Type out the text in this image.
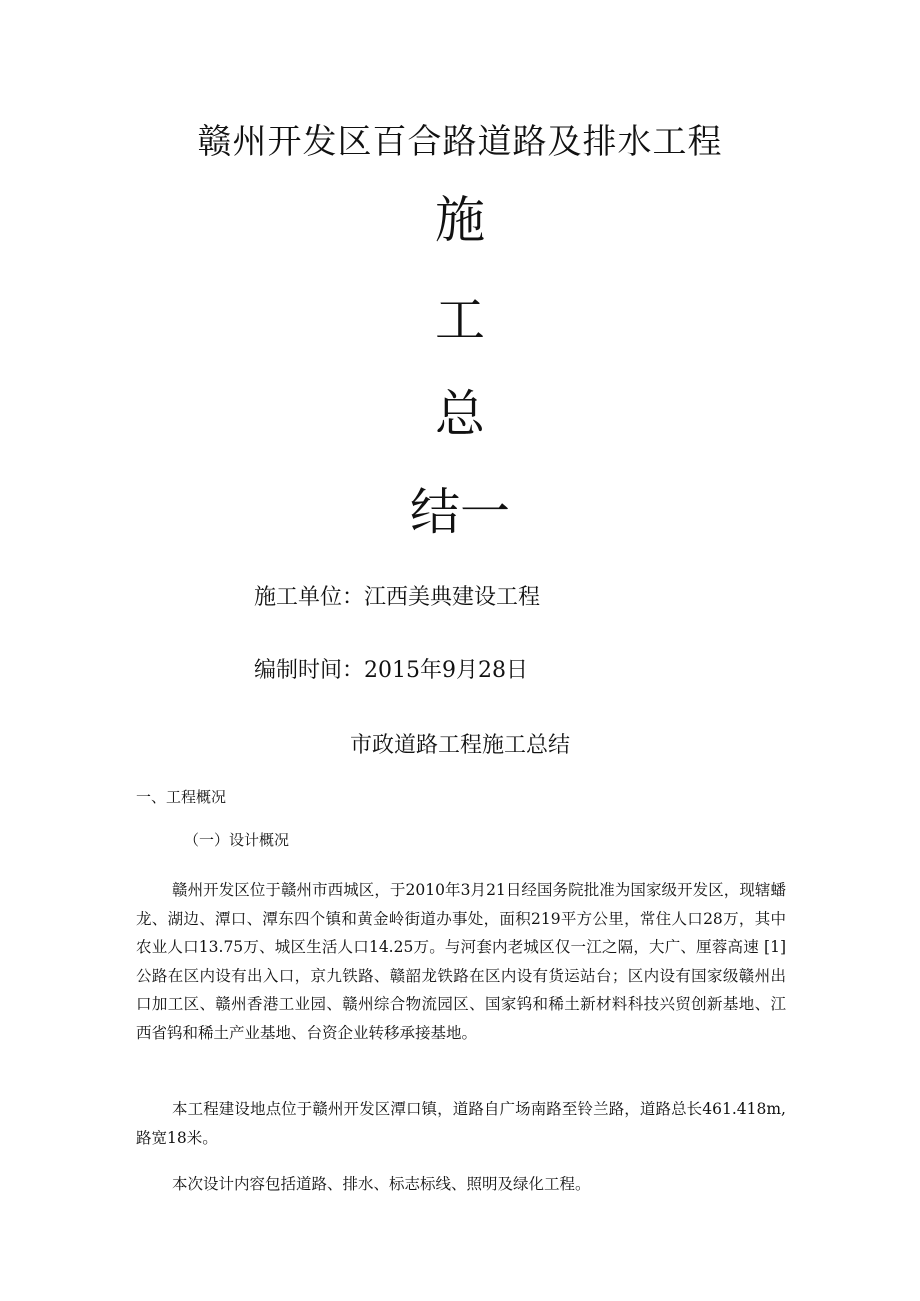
赣州开发区百合路道路及排水工程
施
工
总
结一
施工单位：江西美典建设工程
编制时间：2015年9月28日
市政道路工程施工总结
一、工程概况
（一）设计概况

赣州开发区位于赣州市西城区，于2010年3月21日经国务院批准为国家级开发区，现辖蟠龙、湖边、潭口、潭东四个镇和黄金岭街道办事处，面积219平方公里，常住人口28万，其中农业人口13.75万、城区生活人口14.25万。与河套内老城区仅一江之隔，大广、厘蓉高速 [1] 公路在区内设有出入口，京九铁路、赣韶龙铁路在区内设有货运站台；区内设有国家级赣州出口加工区、赣州香港工业园、赣州综合物流园区、国家钨和稀土新材料科技兴贸创新基地、江西省钨和稀土产业基地、台资企业转移承接基地。

本工程建设地点位于赣州开发区潭口镇，道路自广场南路至铃兰路，道路总长461.418m,路宽18米。

本次设计内容包括道路、排水、标志标线、照明及绿化工程。
